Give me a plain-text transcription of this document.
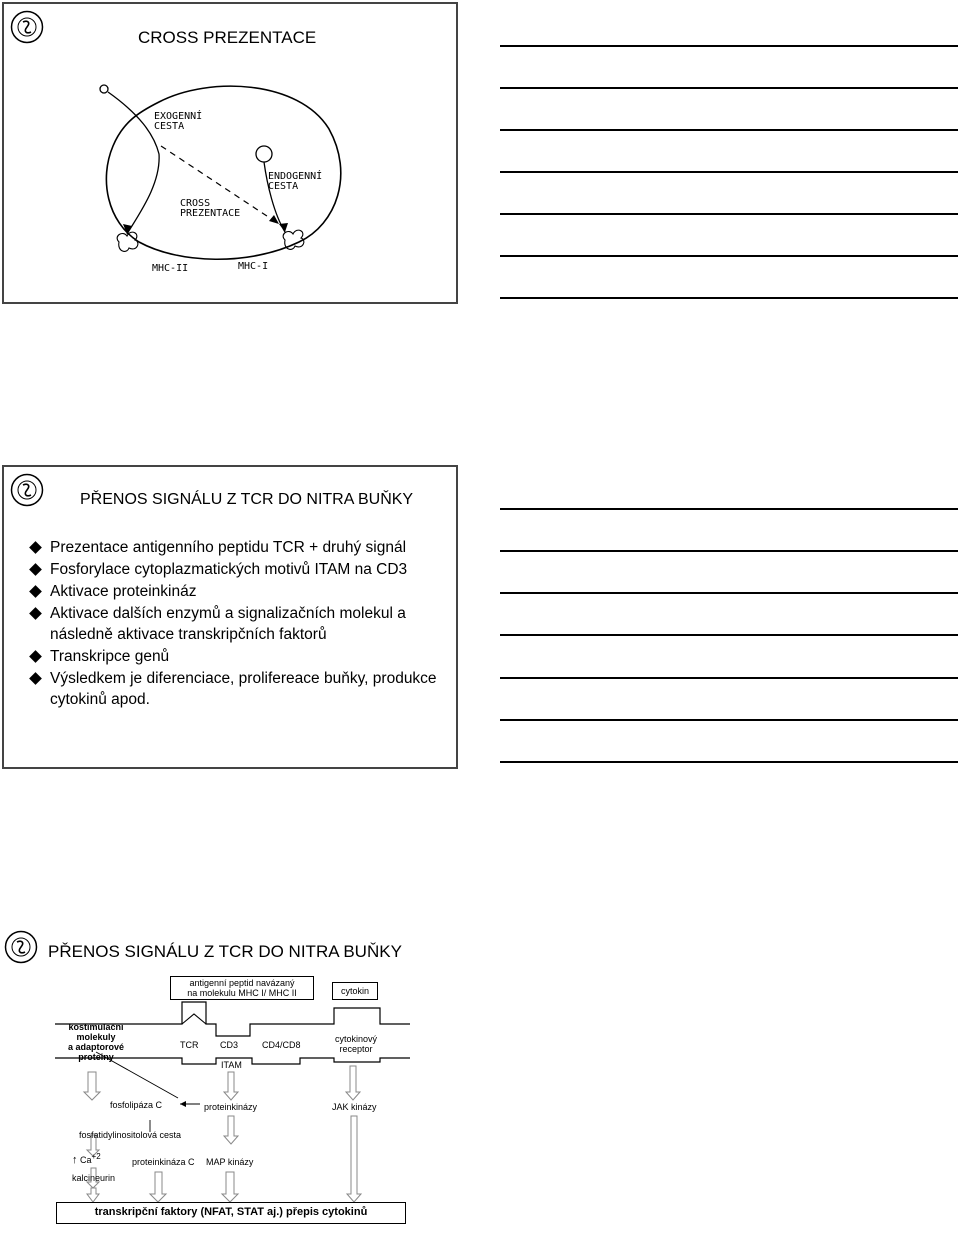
CROSS PREZENTACE
EXOGENNÍ
CESTA
ENDOGENNÍ
CESTA
CROSS
PREZENTACE
MHC-II	MHC-I
PŘENOS SIGNÁLU Z TCR DO NITRA BUŇKY
Prezentace antigenního peptidu TCR + druhý signál
Fosforylace cytoplazmatických motivů ITAM na CD3
Aktivace proteinkináz
Aktivace dalších enzymů a signalizačních molekul a následně aktivace transkripčních faktorů
Transkripce genů
Výsledkem je diferenciace, prolifereace buňky, produkce cytokinů apod.
PŘENOS SIGNÁLU Z TCR DO NITRA BUŇKY
antigenní peptid navázaný
na molekulu MHC I/ MHC II	cytokin
kostimulační
molekuly
a adaptorové
proteiny
TCR CD3	CD4/CD8
cytokinový
receptor
ITAM
fosfolipáza C	proteinkinázy	JAK kinázy
fosfatidylinositolová cesta
↑ $Ca^{+2}$
proteinkináza C MAP kinázy
kalcineurin
transkripční faktory (NFAT, STAT aj.) přepis cytokinů
